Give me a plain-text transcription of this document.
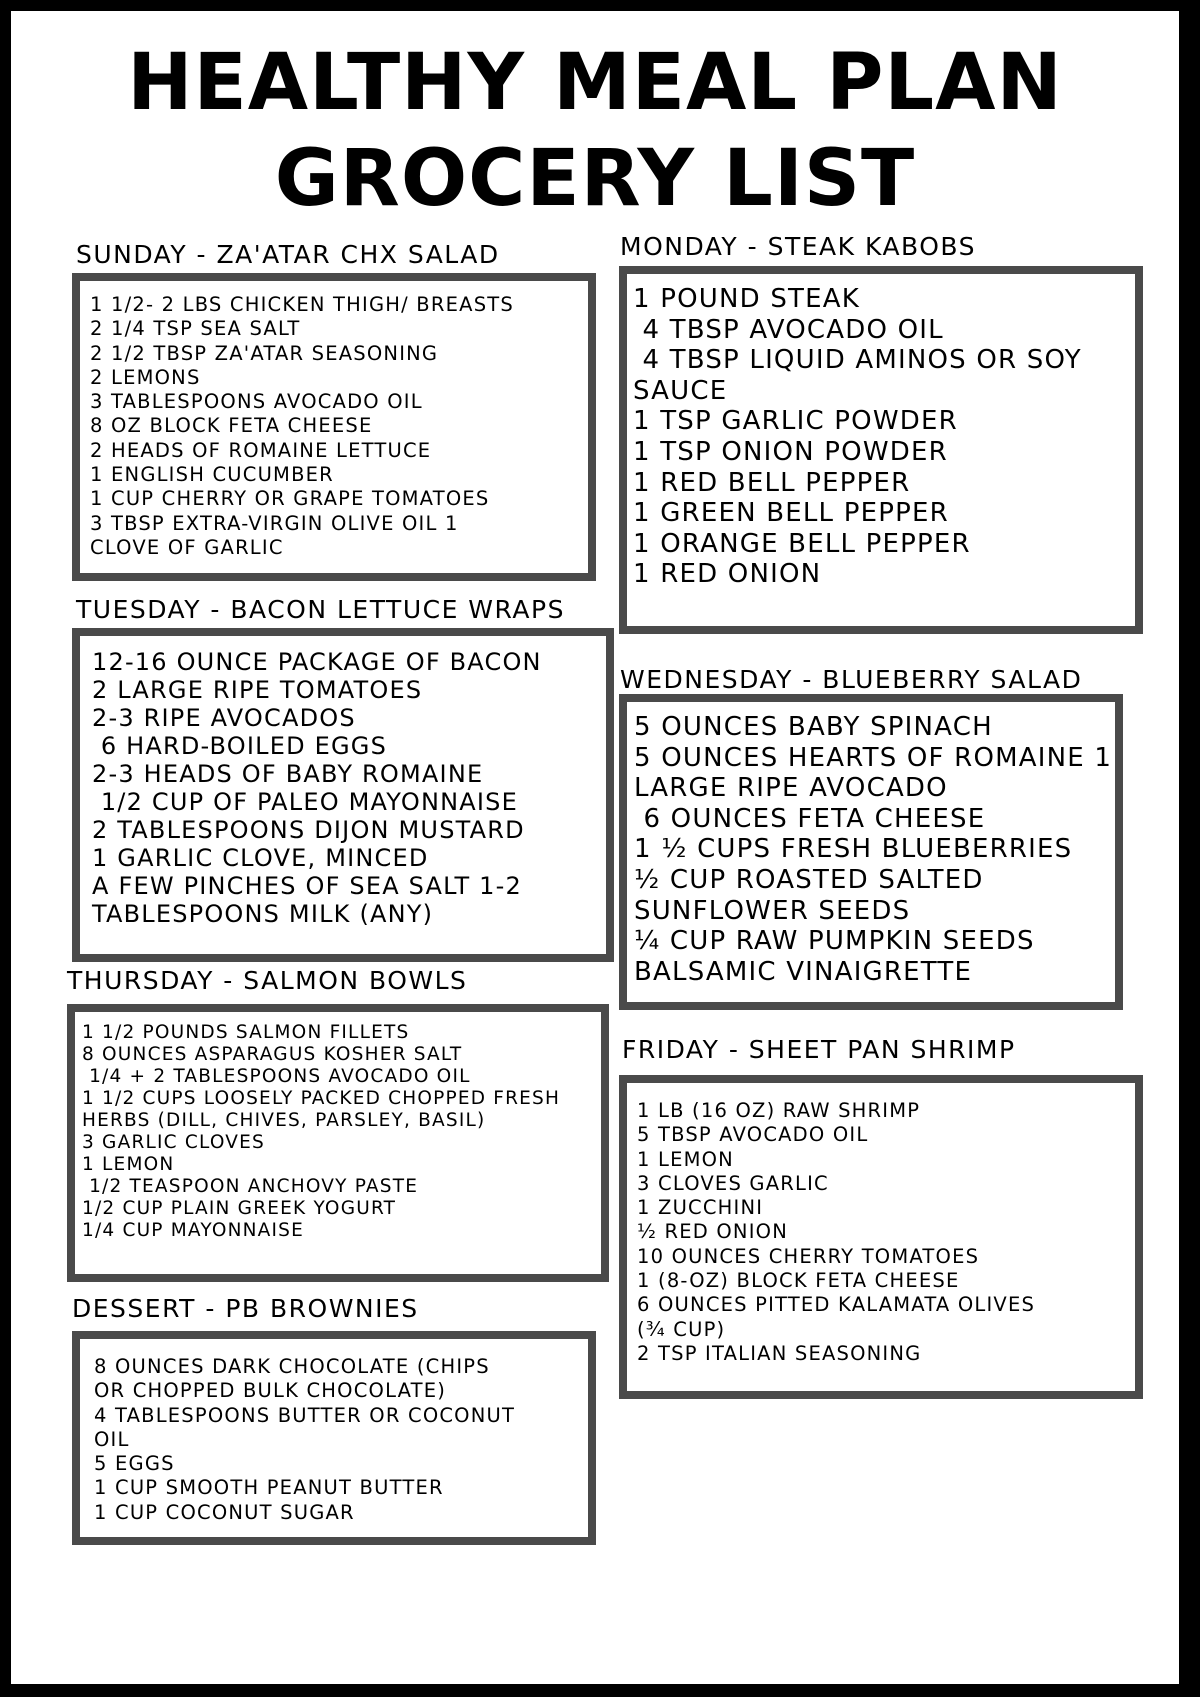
HEALTHY MEAL PLAN
GROCERY LIST
SUNDAY - ZA'ATAR CHX SALAD
1 1/2- 2 LBS CHICKEN THIGH/ BREASTS
2 1/4 TSP SEA SALT
2 1/2 TBSP ZA'ATAR SEASONING
2 LEMONS
3 TABLESPOONS AVOCADO OIL
8 OZ BLOCK FETA CHEESE
2 HEADS OF ROMAINE LETTUCE
1 ENGLISH CUCUMBER
1 CUP CHERRY OR GRAPE TOMATOES
3 TBSP EXTRA-VIRGIN OLIVE OIL 1
CLOVE OF GARLIC
MONDAY - STEAK KABOBS
1 POUND STEAK
4 TBSP AVOCADO OIL
4 TBSP LIQUID AMINOS OR SOY
SAUCE
1 TSP GARLIC POWDER
1 TSP ONION POWDER
1 RED BELL PEPPER
1 GREEN BELL PEPPER
1 ORANGE BELL PEPPER
1 RED ONION
TUESDAY - BACON LETTUCE WRAPS
12-16 OUNCE PACKAGE OF BACON
2 LARGE RIPE TOMATOES
2-3 RIPE AVOCADOS
6 HARD-BOILED EGGS
2-3 HEADS OF BABY ROMAINE
1/2 CUP OF PALEO MAYONNAISE
2 TABLESPOONS DIJON MUSTARD
1 GARLIC CLOVE, MINCED
A FEW PINCHES OF SEA SALT 1-2
TABLESPOONS MILK (ANY)
WEDNESDAY - BLUEBERRY SALAD
5 OUNCES BABY SPINACH
5 OUNCES HEARTS OF ROMAINE 1
LARGE RIPE AVOCADO
6 OUNCES FETA CHEESE
1 ½ CUPS FRESH BLUEBERRIES
½ CUP ROASTED SALTED
SUNFLOWER SEEDS
¼ CUP RAW PUMPKIN SEEDS
BALSAMIC VINAIGRETTE
THURSDAY - SALMON BOWLS
1 1/2 POUNDS SALMON FILLETS
8 OUNCES ASPARAGUS KOSHER SALT
1/4 + 2 TABLESPOONS AVOCADO OIL
1 1/2 CUPS LOOSELY PACKED CHOPPED FRESH
HERBS (DILL, CHIVES, PARSLEY, BASIL)
3 GARLIC CLOVES
1 LEMON
1/2 TEASPOON ANCHOVY PASTE
1/2 CUP PLAIN GREEK YOGURT
1/4 CUP MAYONNAISE
FRIDAY - SHEET PAN SHRIMP
1 LB (16 OZ) RAW SHRIMP
5 TBSP AVOCADO OIL
1 LEMON
3 CLOVES GARLIC
1 ZUCCHINI
½ RED ONION
10 OUNCES CHERRY TOMATOES
1 (8-OZ) BLOCK FETA CHEESE
6 OUNCES PITTED KALAMATA OLIVES
(¾ CUP)
2 TSP ITALIAN SEASONING
DESSERT - PB BROWNIES
8 OUNCES DARK CHOCOLATE (CHIPS
OR CHOPPED BULK CHOCOLATE)
4 TABLESPOONS BUTTER OR COCONUT
OIL
5 EGGS
1 CUP SMOOTH PEANUT BUTTER
1 CUP COCONUT SUGAR
